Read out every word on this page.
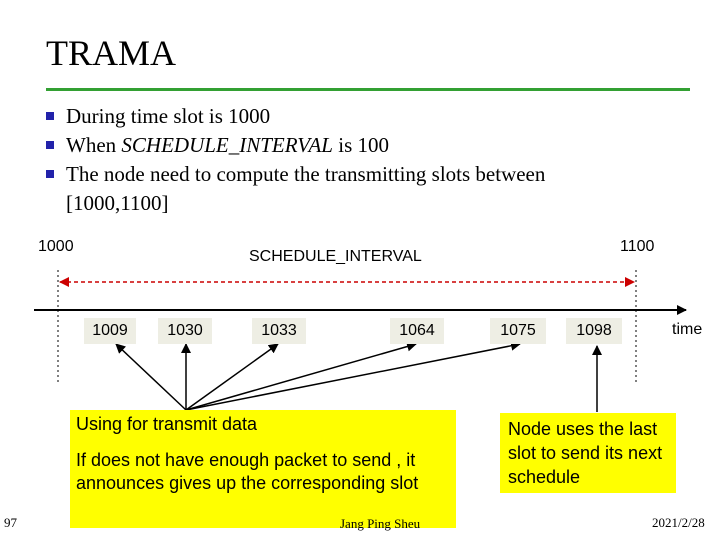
TRAMA
During time slot is 1000
When SCHEDULE_INTERVAL is 100
The node need to compute the transmitting slots between
[1000,1100]
1000	1100
SCHEDULE_INTERVAL
time
1009	1030	1033	1064	1075	1098
Using for transmit data
If does not have enough packet to send , it announces gives up the corresponding slot
Node uses the last slot to send its next schedule
97	Jang Ping Sheu	2021/2/28
